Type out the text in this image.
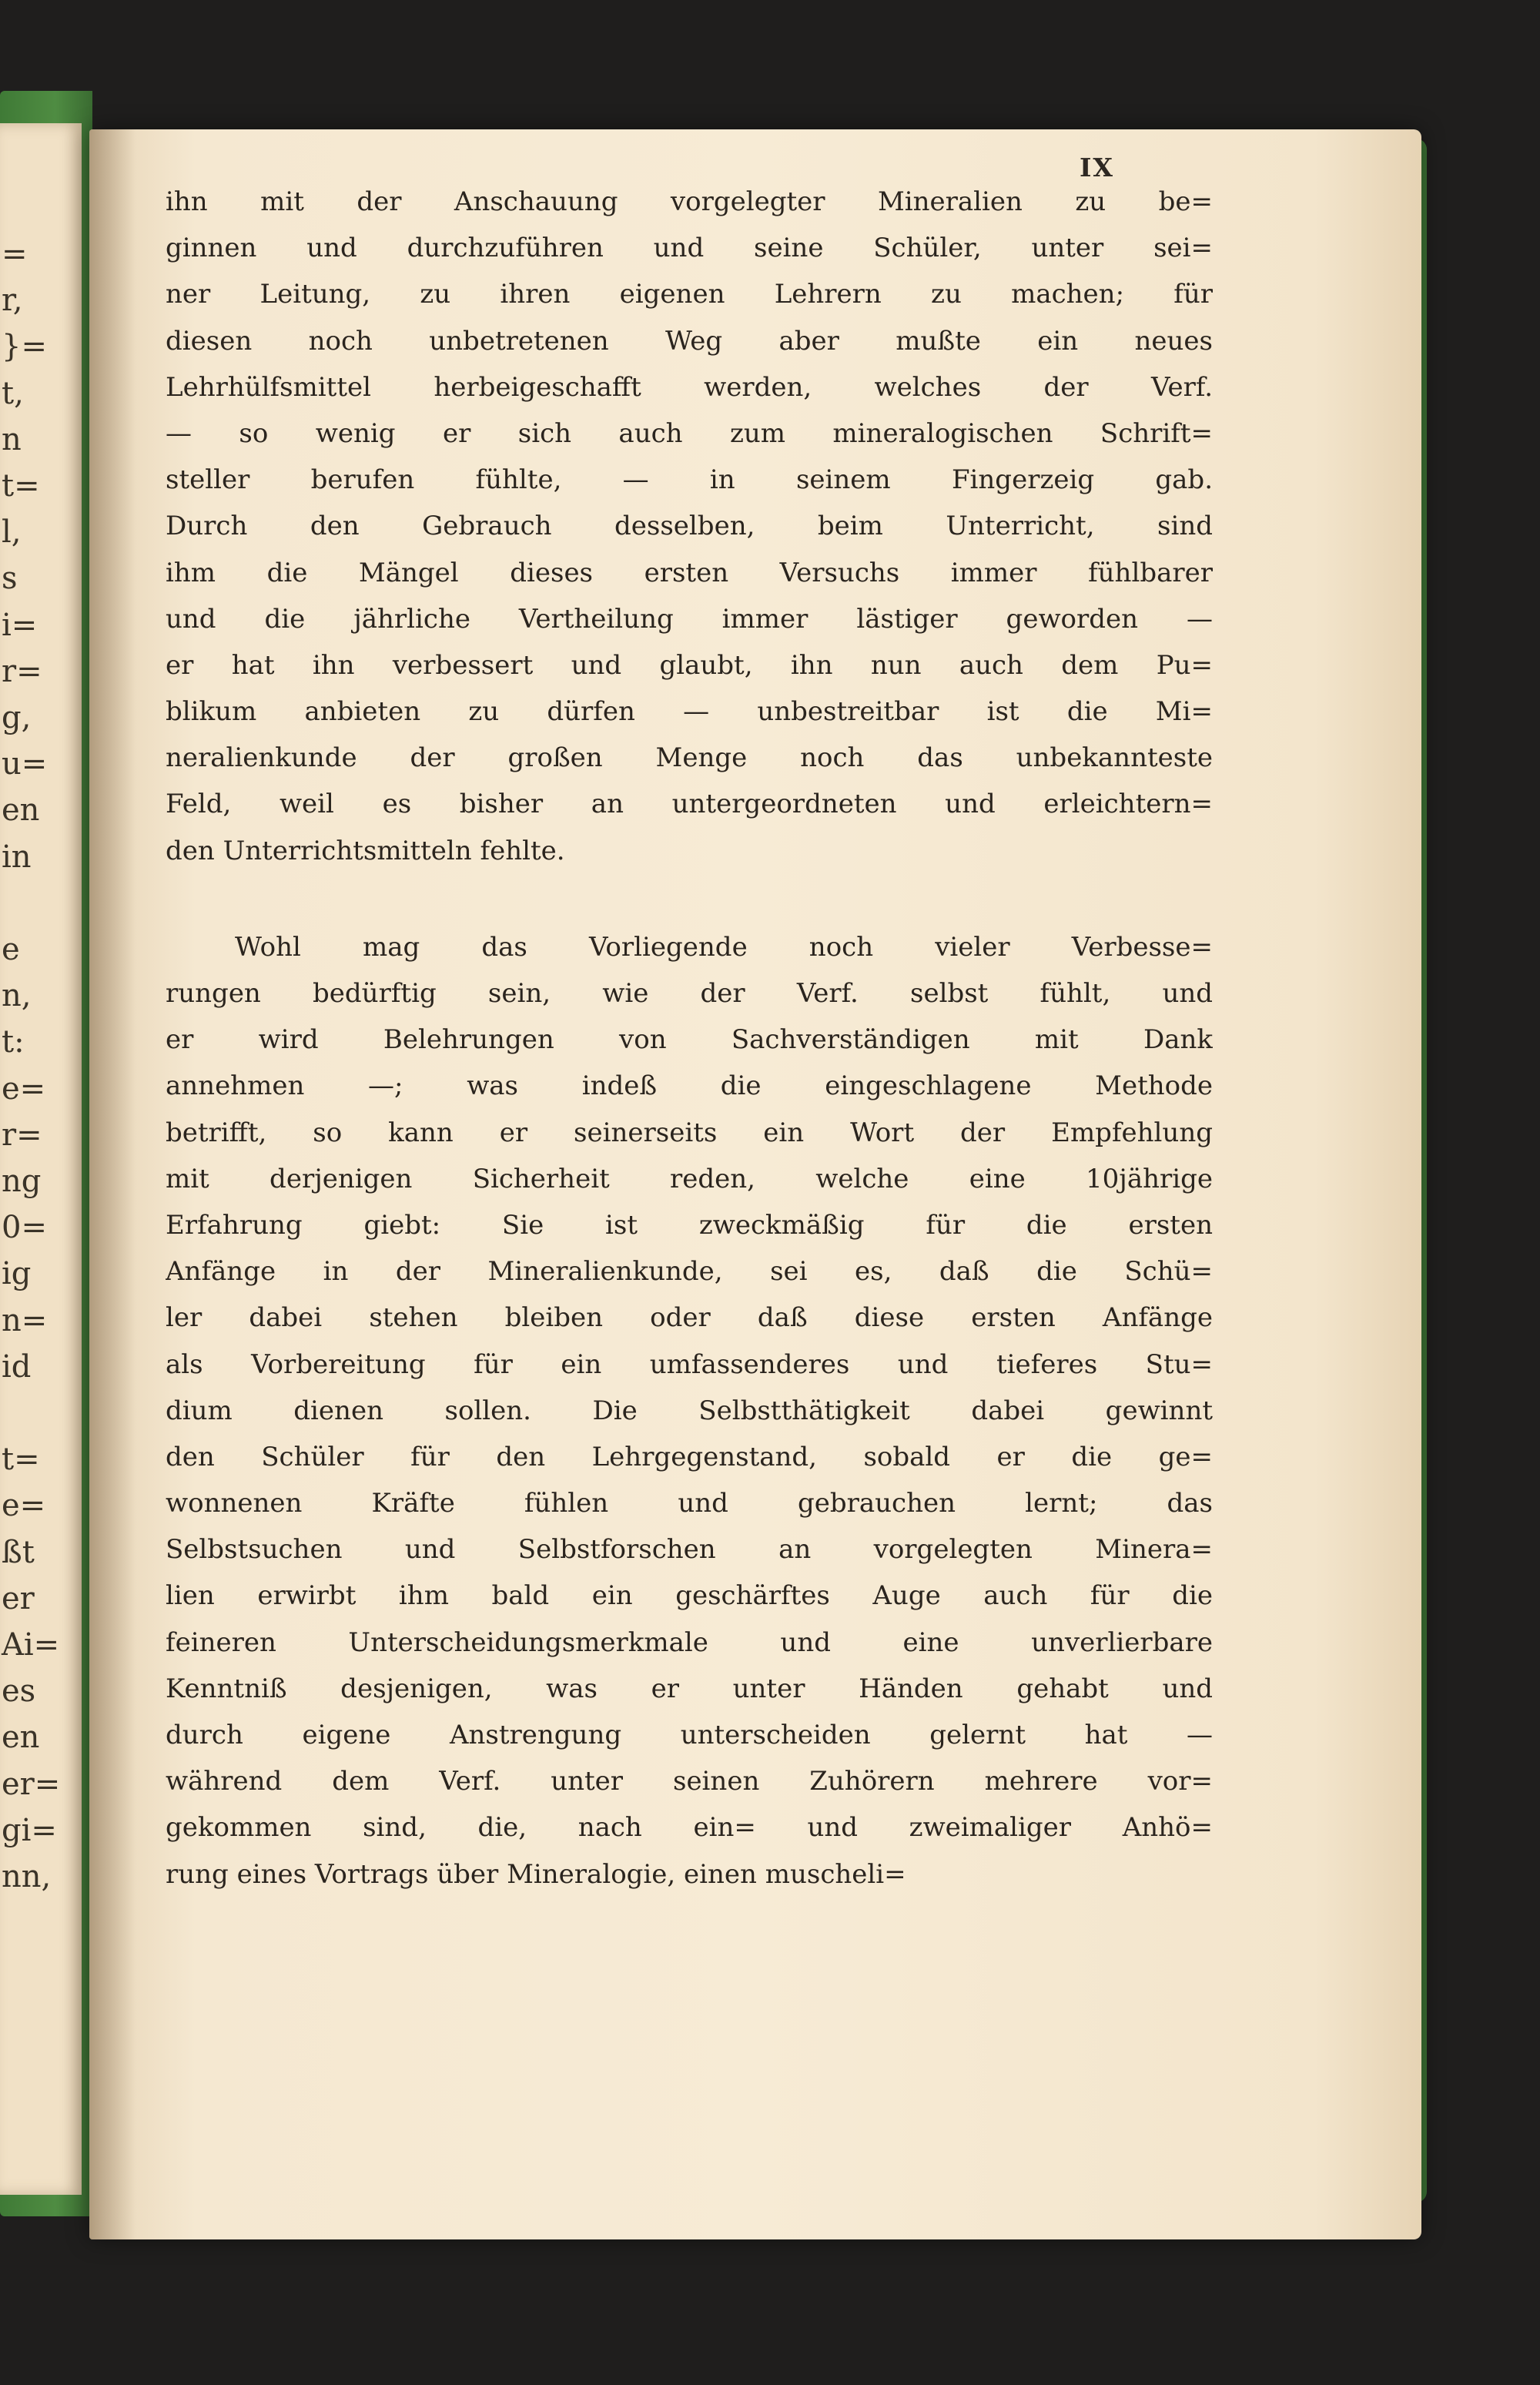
=
r,
}=
t,
n
t=
l,
s
i=
r=
g,
u=
en
in
e
n,
t:
e=
r=
ng
0=
ig
n=
id
t=
e=
ßt
er
Ai=
es
en
er=
gi=
nn,
IX
ihn mit der Anschauung vorgelegter Mineralien zu be=
ginnen und durchzuführen und seine Schüler, unter sei=
ner Leitung, zu ihren eigenen Lehrern zu machen; für
diesen noch unbetretenen Weg aber mußte ein neues
Lehrhülfsmittel herbeigeschafft werden, welches der Verf.
— so wenig er sich auch zum mineralogischen Schrift=
steller berufen fühlte, — in seinem Fingerzeig gab.
Durch den Gebrauch desselben, beim Unterricht, sind
ihm die Mängel dieses ersten Versuchs immer fühlbarer
und die jährliche Vertheilung immer lästiger geworden —
er hat ihn verbessert und glaubt, ihn nun auch dem Pu=
blikum anbieten zu dürfen — unbestreitbar ist die Mi=
neralienkunde der großen Menge noch das unbekannteste
Feld, weil es bisher an untergeordneten und erleichtern=
den Unterrichtsmitteln fehlte.
Wohl mag das Vorliegende noch vieler Verbesse=
rungen bedürftig sein, wie der Verf. selbst fühlt, und
er wird Belehrungen von Sachverständigen mit Dank
annehmen —; was indeß die eingeschlagene Methode
betrifft, so kann er seinerseits ein Wort der Empfehlung
mit derjenigen Sicherheit reden, welche eine 10jährige
Erfahrung giebt: Sie ist zweckmäßig für die ersten
Anfänge in der Mineralienkunde, sei es, daß die Schü=
ler dabei stehen bleiben oder daß diese ersten Anfänge
als Vorbereitung für ein umfassenderes und tieferes Stu=
dium dienen sollen. Die Selbstthätigkeit dabei gewinnt
den Schüler für den Lehrgegenstand, sobald er die ge=
wonnenen Kräfte fühlen und gebrauchen lernt; das
Selbstsuchen und Selbstforschen an vorgelegten Minera=
lien erwirbt ihm bald ein geschärftes Auge auch für die
feineren Unterscheidungsmerkmale und eine unverlierbare
Kenntniß desjenigen, was er unter Händen gehabt und
durch eigene Anstrengung unterscheiden gelernt hat —
während dem Verf. unter seinen Zuhörern mehrere vor=
gekommen sind, die, nach ein= und zweimaliger Anhö=
rung eines Vortrags über Mineralogie, einen muscheli=
